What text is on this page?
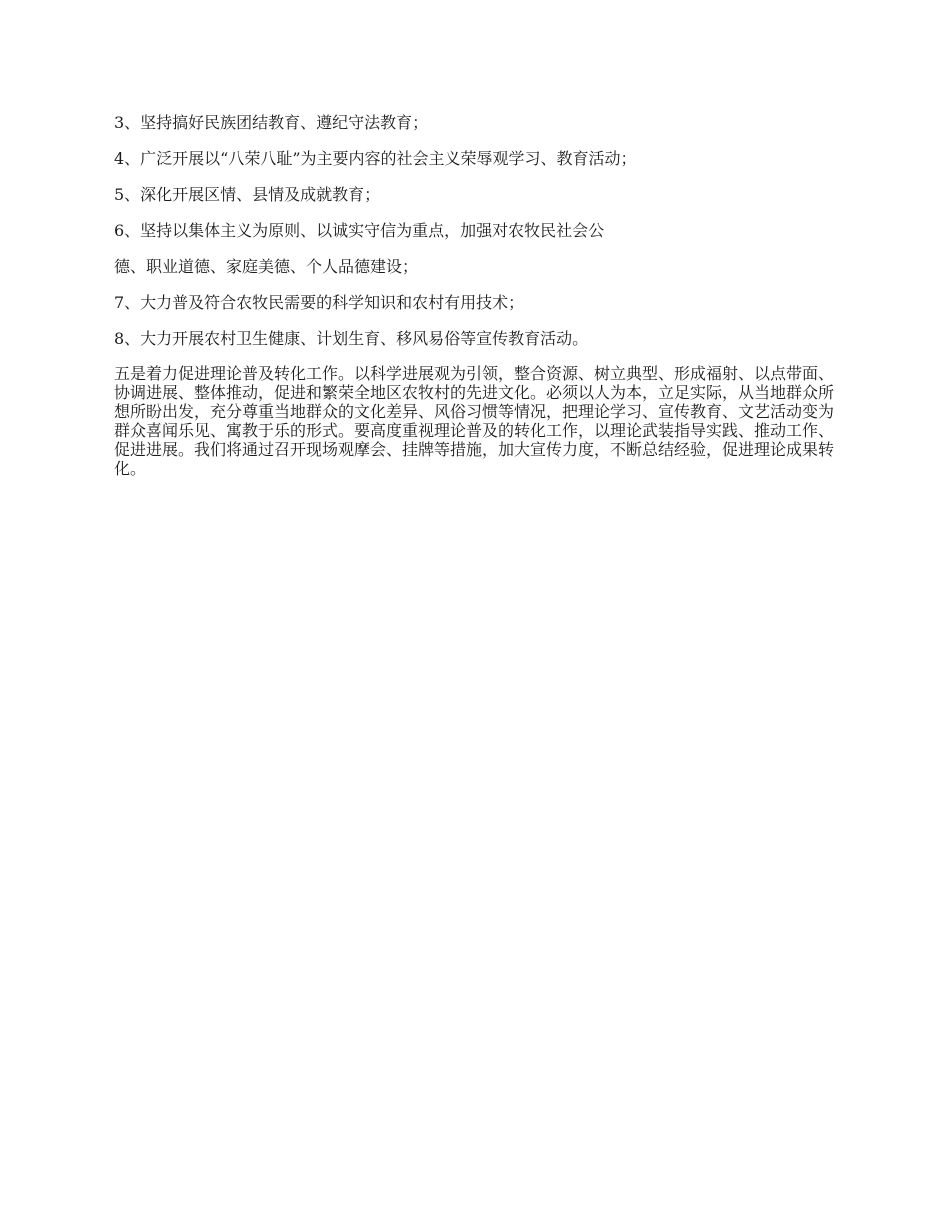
3、坚持搞好民族团结教育、遵纪守法教育；
4、广泛开展以“八荣八耻”为主要内容的社会主义荣辱观学习、教育活动；
5、深化开展区情、县情及成就教育；
6、坚持以集体主义为原则、以诚实守信为重点，加强对农牧民社会公
德、职业道德、家庭美德、个人品德建设；
7、大力普及符合农牧民需要的科学知识和农村有用技术；
8、大力开展农村卫生健康、计划生育、移风易俗等宣传教育活动。

五是着力促进理论普及转化工作。以科学进展观为引领，整合资源、树立典型、形成福射、以点带面、协调进展、整体推动，促进和繁荣全地区农牧村的先进文化。必须以人为本，立足实际，从当地群众所想所盼出发，充分尊重当地群众的文化差异、风俗习惯等情况，把理论学习、宣传教育、文艺活动变为群众喜闻乐见、寓教于乐的形式。要高度重视理论普及的转化工作，以理论武装指导实践、推动工作、促进进展。我们将通过召开现场观摩会、挂牌等措施，加大宣传力度，不断总结经验，促进理论成果转化。
